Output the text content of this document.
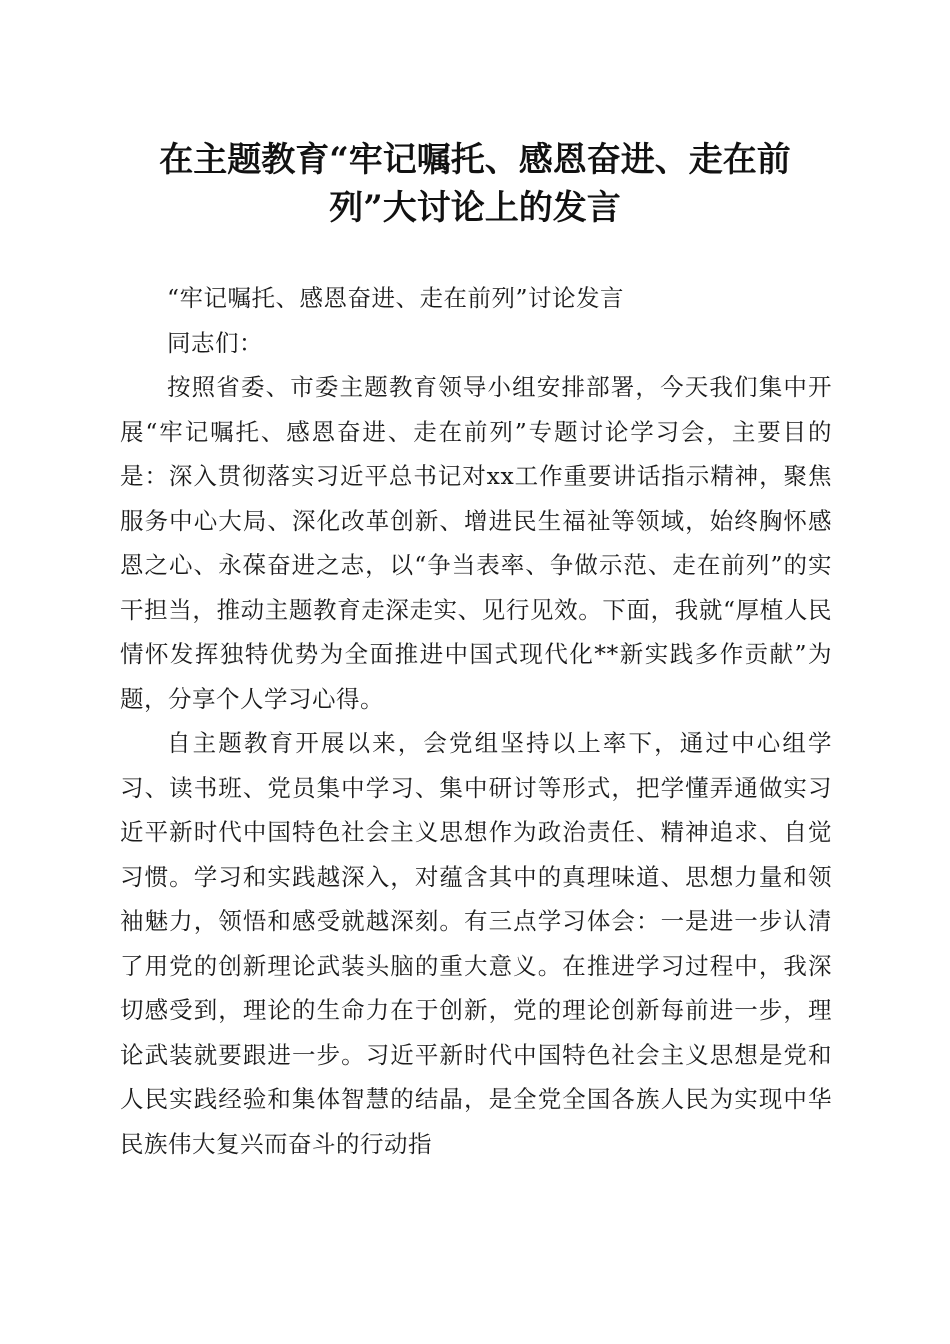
在主题教育“牢记嘱托、感恩奋进、走在前
列”大讨论上的发言

“牢记嘱托、感恩奋进、走在前列”讨论发言

同志们：

按照省委、市委主题教育领导小组安排部署，今天我们集中开展“牢记嘱托、感恩奋进、走在前列”专题讨论学习会，主要目的是：深入贯彻落实习近平总书记对xx工作重要讲话指示精神，聚焦服务中心大局、深化改革创新、增进民生福祉等领域，始终胸怀感恩之心、永葆奋进之志，以“争当表率、争做示范、走在前列”的实干担当，推动主题教育走深走实、见行见效。下面，我就“厚植人民情怀发挥独特优势为全面推进中国式现代化**新实践多作贡献”为题，分享个人学习心得。

自主题教育开展以来，会党组坚持以上率下，通过中心组学习、读书班、党员集中学习、集中研讨等形式，把学懂弄通做实习近平新时代中国特色社会主义思想作为政治责任、精神追求、自觉习惯。学习和实践越深入，对蕴含其中的真理味道、思想力量和领袖魅力，领悟和感受就越深刻。有三点学习体会：一是进一步认清了用党的创新理论武装头脑的重大意义。在推进学习过程中，我深切感受到，理论的生命力在于创新，党的理论创新每前进一步，理论武装就要跟进一步。习近平新时代中国特色社会主义思想是党和人民实践经验和集体智慧的结晶，是全党全国各族人民为实现中华民族伟大复兴而奋斗的行动指
